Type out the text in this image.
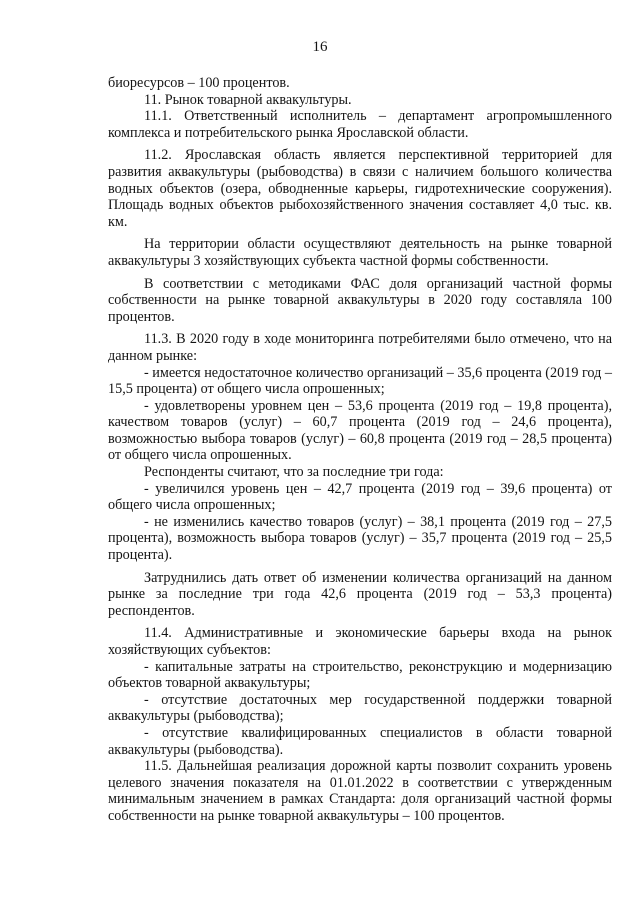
16

биоресурсов – 100 процентов.

11. Рынок товарной аквакультуры.

11.1. Ответственный исполнитель – департамент агропромышленного комплекса и потребительского рынка Ярославской области.

11.2. Ярославская область является перспективной территорией для развития аквакультуры (рыбоводства) в связи с наличием большого количества водных объектов (озера, обводненные карьеры, гидротехнические сооружения). Площадь водных объектов рыбохозяйственного значения составляет 4,0 тыс. кв. км.

На территории области осуществляют деятельность на рынке товарной аквакультуры 3 хозяйствующих субъекта частной формы собственности.

В соответствии с методиками ФАС доля организаций частной формы собственности на рынке товарной аквакультуры в 2020 году составляла 100 процентов.

11.3. В 2020 году в ходе мониторинга потребителями было отмечено, что на данном рынке:

- имеется недостаточное количество организаций – 35,6 процента (2019 год – 15,5 процента) от общего числа опрошенных;

- удовлетворены уровнем цен – 53,6 процента (2019 год – 19,8 процента), качеством товаров (услуг) – 60,7 процента (2019 год – 24,6 процента), возможностью выбора товаров (услуг) – 60,8 процента (2019 год – 28,5 процента) от общего числа опрошенных.

Респонденты считают, что за последние три года:

- увеличился уровень цен – 42,7 процента (2019 год – 39,6 процента) от общего числа опрошенных;

- не изменились качество товаров (услуг) – 38,1 процента (2019 год – 27,5 процента), возможность выбора товаров (услуг) – 35,7 процента (2019 год – 25,5 процента).

Затруднились дать ответ об изменении количества организаций на данном рынке за последние три года 42,6 процента (2019 год – 53,3 процента) респондентов.

11.4. Административные и экономические барьеры входа на рынок хозяйствующих субъектов:

- капитальные затраты на строительство, реконструкцию и модернизацию объектов товарной аквакультуры;

- отсутствие достаточных мер государственной поддержки товарной аквакультуры (рыбоводства);

- отсутствие квалифицированных специалистов в области товарной аквакультуры (рыбоводства).

11.5. Дальнейшая реализация дорожной карты позволит сохранить уровень целевого значения показателя на 01.01.2022 в соответствии с утвержденным минимальным значением в рамках Стандарта: доля организаций частной формы собственности на рынке товарной аквакультуры – 100 процентов.
